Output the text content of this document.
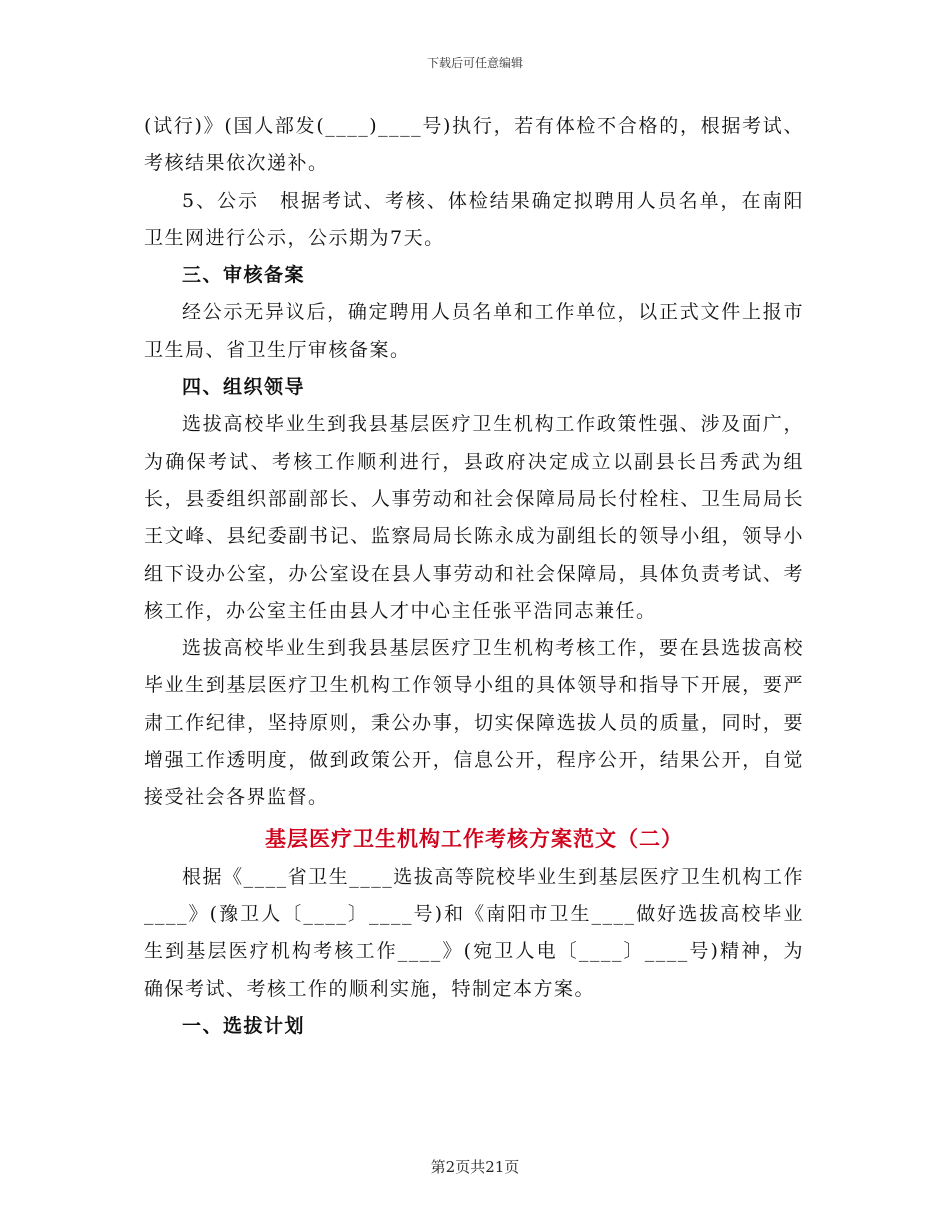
下载后可任意编辑

(试行)》(国人部发(____)____号)执行，若有体检不合格的，根据考试、考核结果依次递补。

5、公示　根据考试、考核、体检结果确定拟聘用人员名单，在南阳卫生网进行公示，公示期为7天。

三、审核备案

经公示无异议后，确定聘用人员名单和工作单位，以正式文件上报市卫生局、省卫生厅审核备案。

四、组织领导

选拔高校毕业生到我县基层医疗卫生机构工作政策性强、涉及面广，为确保考试、考核工作顺利进行，县政府决定成立以副县长吕秀武为组长，县委组织部副部长、人事劳动和社会保障局局长付栓柱、卫生局局长王文峰、县纪委副书记、监察局局长陈永成为副组长的领导小组，领导小组下设办公室，办公室设在县人事劳动和社会保障局，具体负责考试、考核工作，办公室主任由县人才中心主任张平浩同志兼任。

选拔高校毕业生到我县基层医疗卫生机构考核工作，要在县选拔高校毕业生到基层医疗卫生机构工作领导小组的具体领导和指导下开展，要严肃工作纪律，坚持原则，秉公办事，切实保障选拔人员的质量，同时，要增强工作透明度，做到政策公开，信息公开，程序公开，结果公开，自觉接受社会各界监督。

基层医疗卫生机构工作考核方案范文（二）

根据《____省卫生____选拔高等院校毕业生到基层医疗卫生机构工作____》(豫卫人〔____〕____号)和《南阳市卫生____做好选拔高校毕业生到基层医疗机构考核工作____》(宛卫人电〔____〕____号)精神，为确保考试、考核工作的顺利实施，特制定本方案。

一、选拔计划

第2页共21页
